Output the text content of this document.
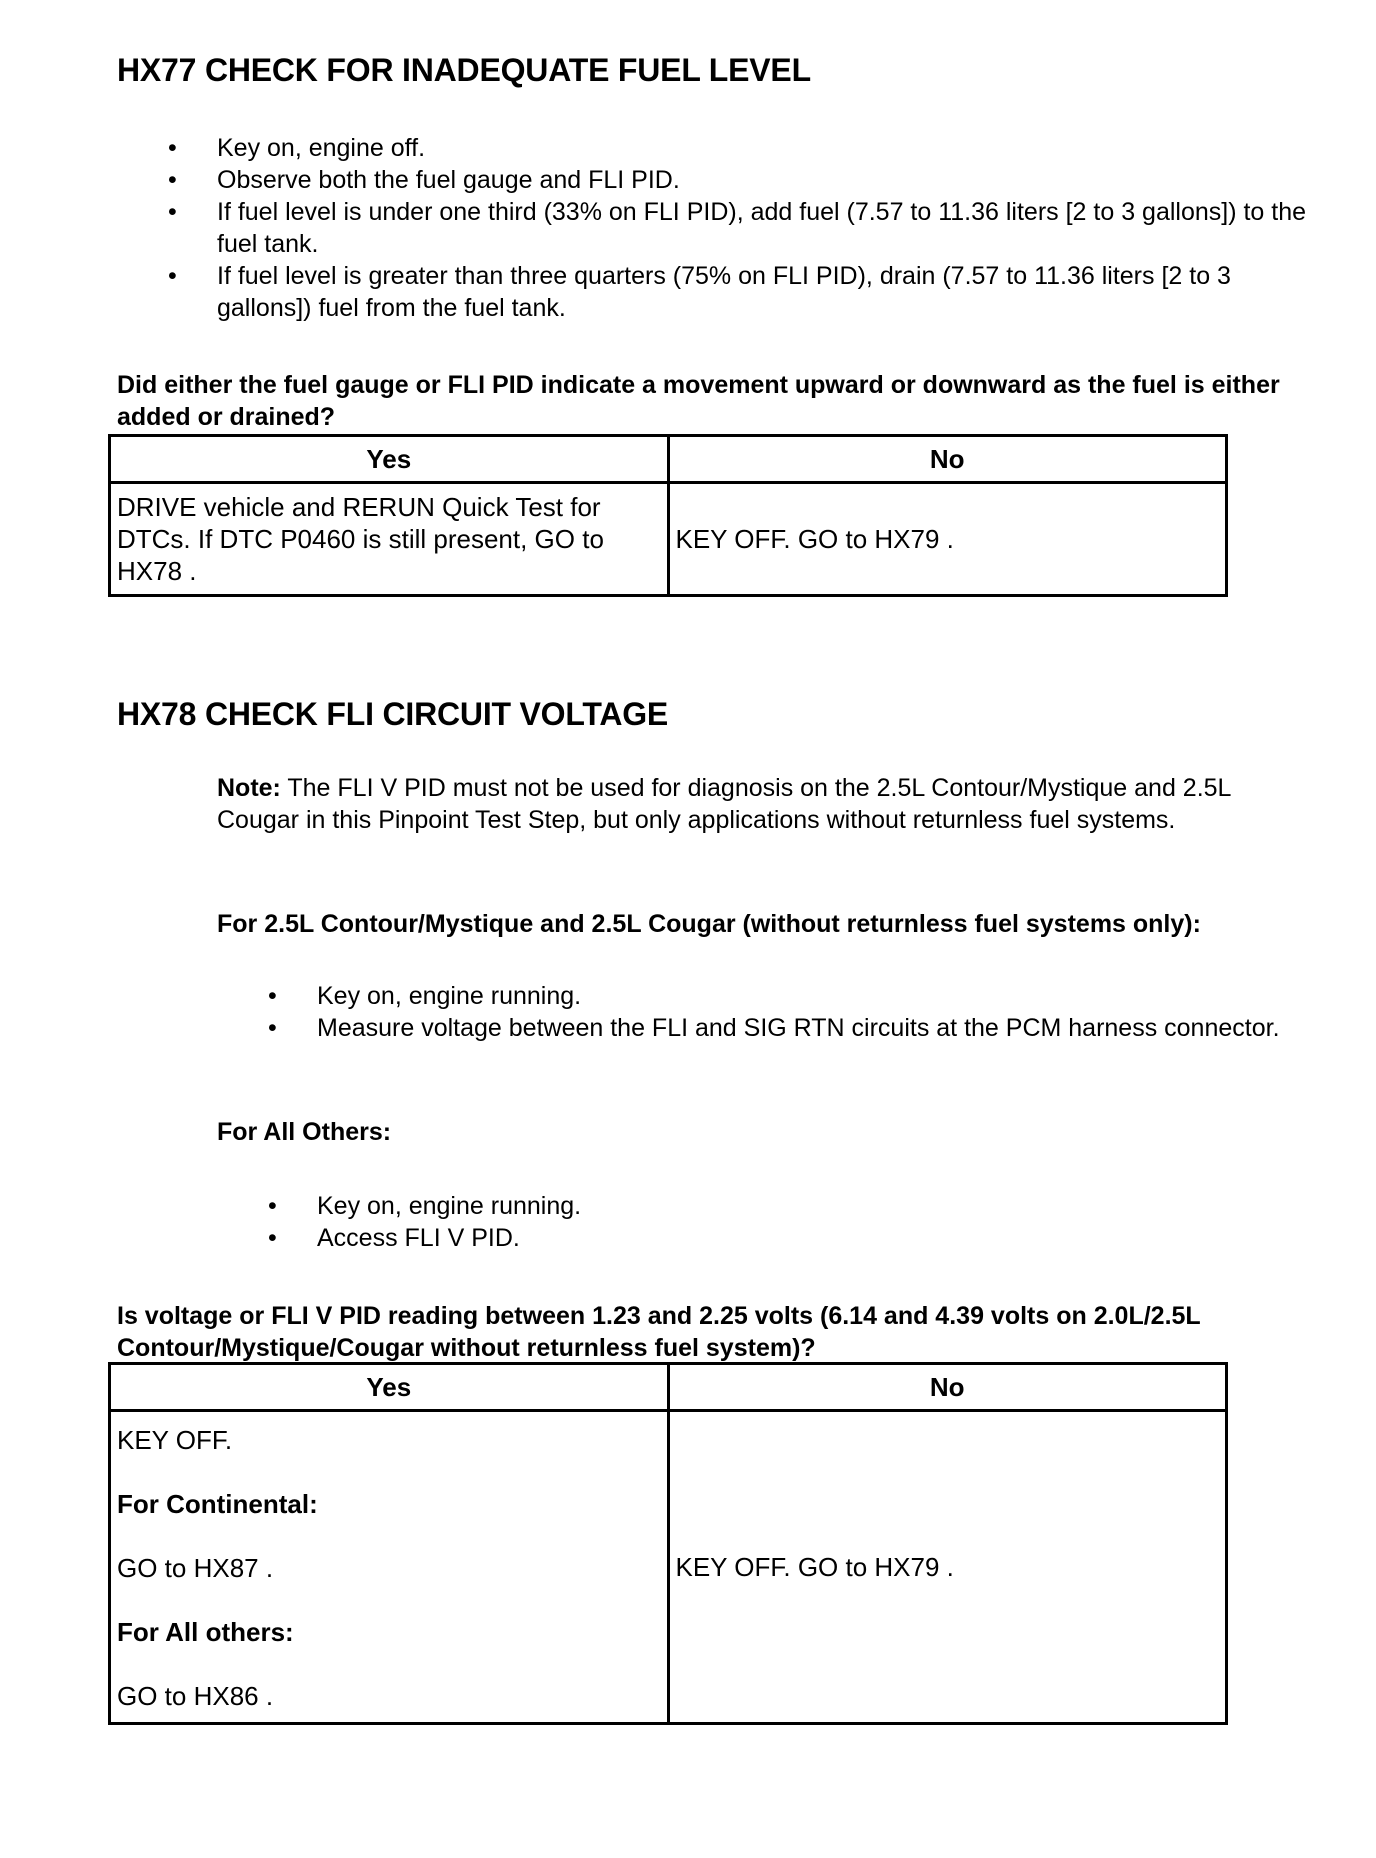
HX77 CHECK FOR INADEQUATE FUEL LEVEL
• Key on, engine off.
• Observe both the fuel gauge and FLI PID.
• If fuel level is under one third (33% on FLI PID), add fuel (7.57 to 11.36 liters [2 to 3 gallons]) to the fuel tank.
• If fuel level is greater than three quarters (75% on FLI PID), drain (7.57 to 11.36 liters [2 to 3 gallons]) fuel from the fuel tank.

Did either the fuel gauge or FLI PID indicate a movement upward or downward as the fuel is either added or drained?

Yes	No
DRIVE vehicle and RERUN Quick Test for DTCs. If DTC P0460 is still present, GO to HX78 .	KEY OFF. GO to HX79 .
HX78 CHECK FLI CIRCUIT VOLTAGE
Note: The FLI V PID must not be used for diagnosis on the 2.5L Contour/Mystique and 2.5L Cougar in this Pinpoint Test Step, but only applications without returnless fuel systems.
For 2.5L Contour/Mystique and 2.5L Cougar (without returnless fuel systems only):
• Key on, engine running.
• Measure voltage between the FLI and SIG RTN circuits at the PCM harness connector.
For All Others:
• Key on, engine running.
• Access FLI V PID.

Is voltage or FLI V PID reading between 1.23 and 2.25 volts (6.14 and 4.39 volts on 2.0L/2.5L Contour/Mystique/Cougar without returnless fuel system)?

Yes	No

KEY OFF.

For Continental:

GO to HX87 .

For All others:

GO to HX86 .	KEY OFF. GO to HX79 .
